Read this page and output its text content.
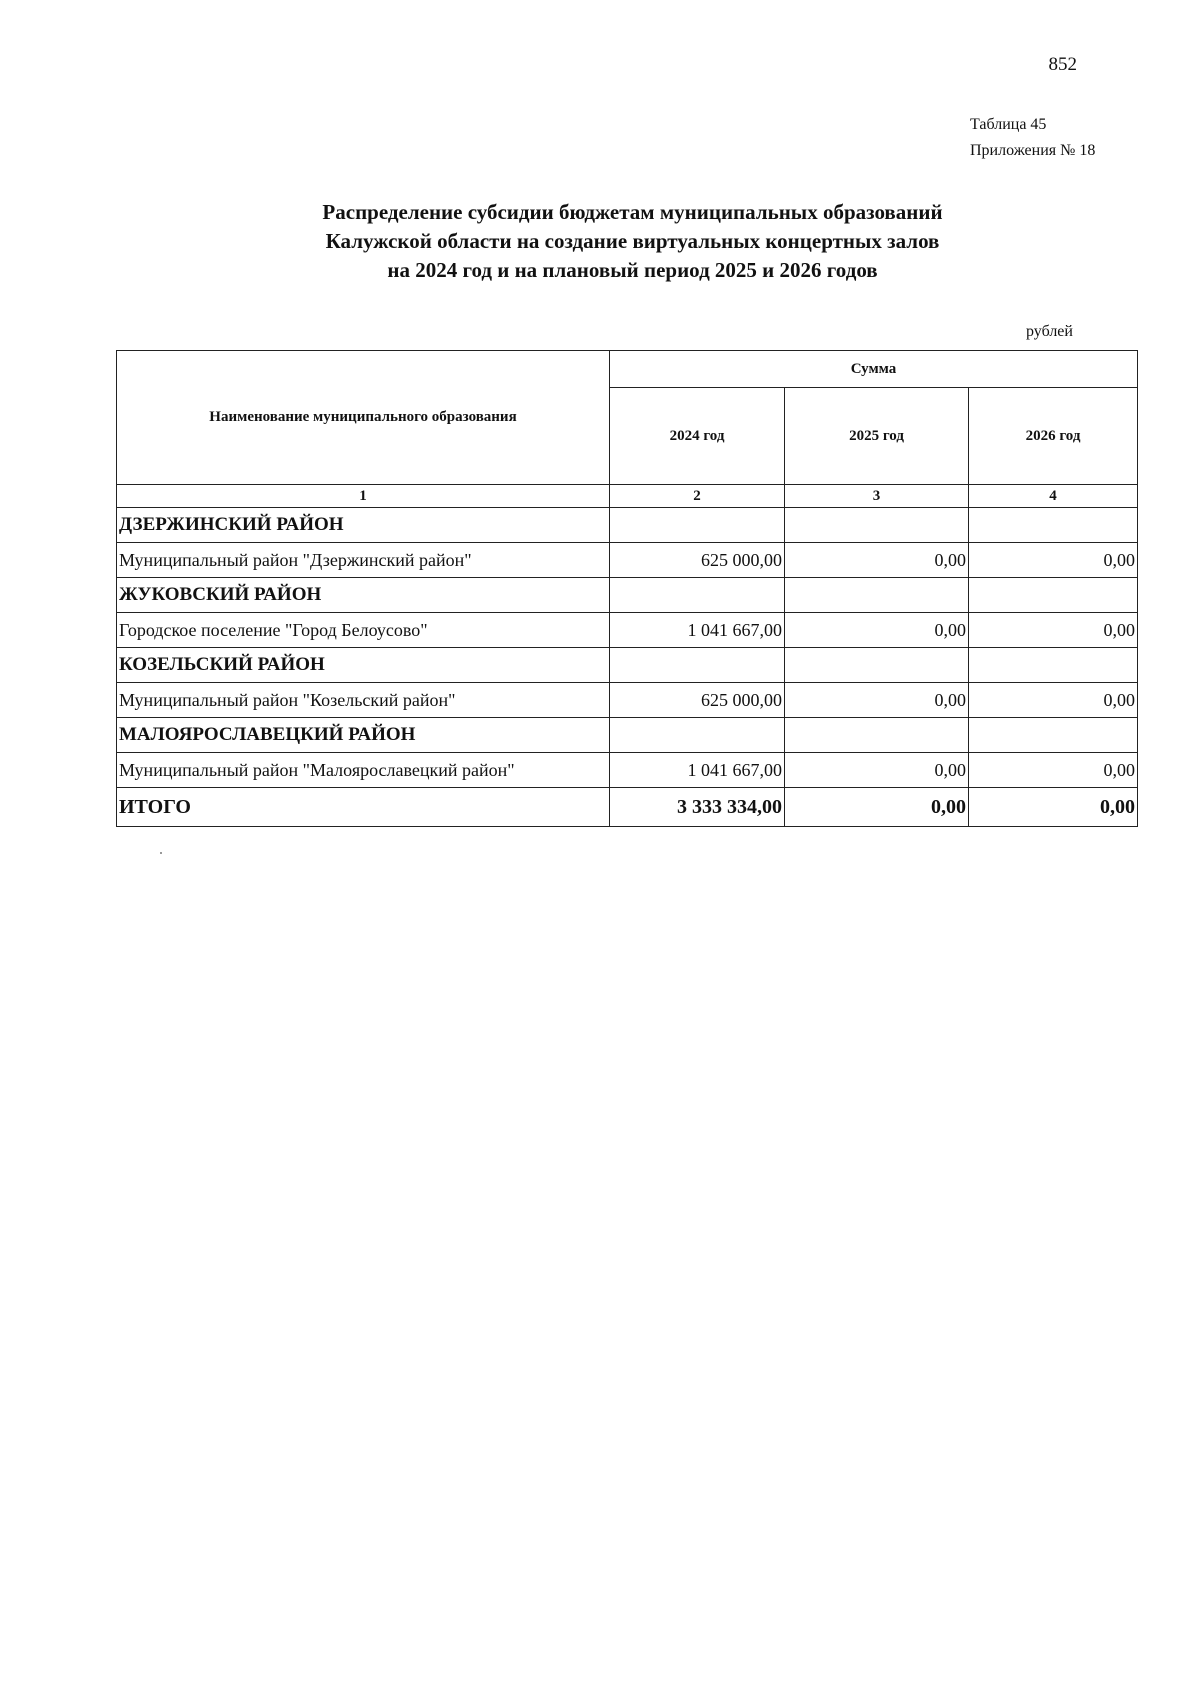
852
Таблица 45
Приложения № 18
Распределение субсидии бюджетам муниципальных образований
Калужской области на создание виртуальных концертных залов
на 2024 год и на плановый период 2025 и 2026 годов
рублей
Наименование муниципального образования	Сумма		
	2024 год	2025 год	2026 год
1	2	3	4
ДЗЕРЖИНСКИЙ РАЙОН			
Муниципальный район "Дзержинский район"	625 000,00	0,00	0,00
ЖУКОВСКИЙ РАЙОН			
Городское поселение "Город Белоусово"	1 041 667,00	0,00	0,00
КОЗЕЛЬСКИЙ РАЙОН			
Муниципальный район "Козельский район"	625 000,00	0,00	0,00
МАЛОЯРОСЛАВЕЦКИЙ РАЙОН			
Муниципальный район "Малоярославецкий район"	1 041 667,00	0,00	0,00
ИТОГО	3 333 334,00	0,00	0,00
